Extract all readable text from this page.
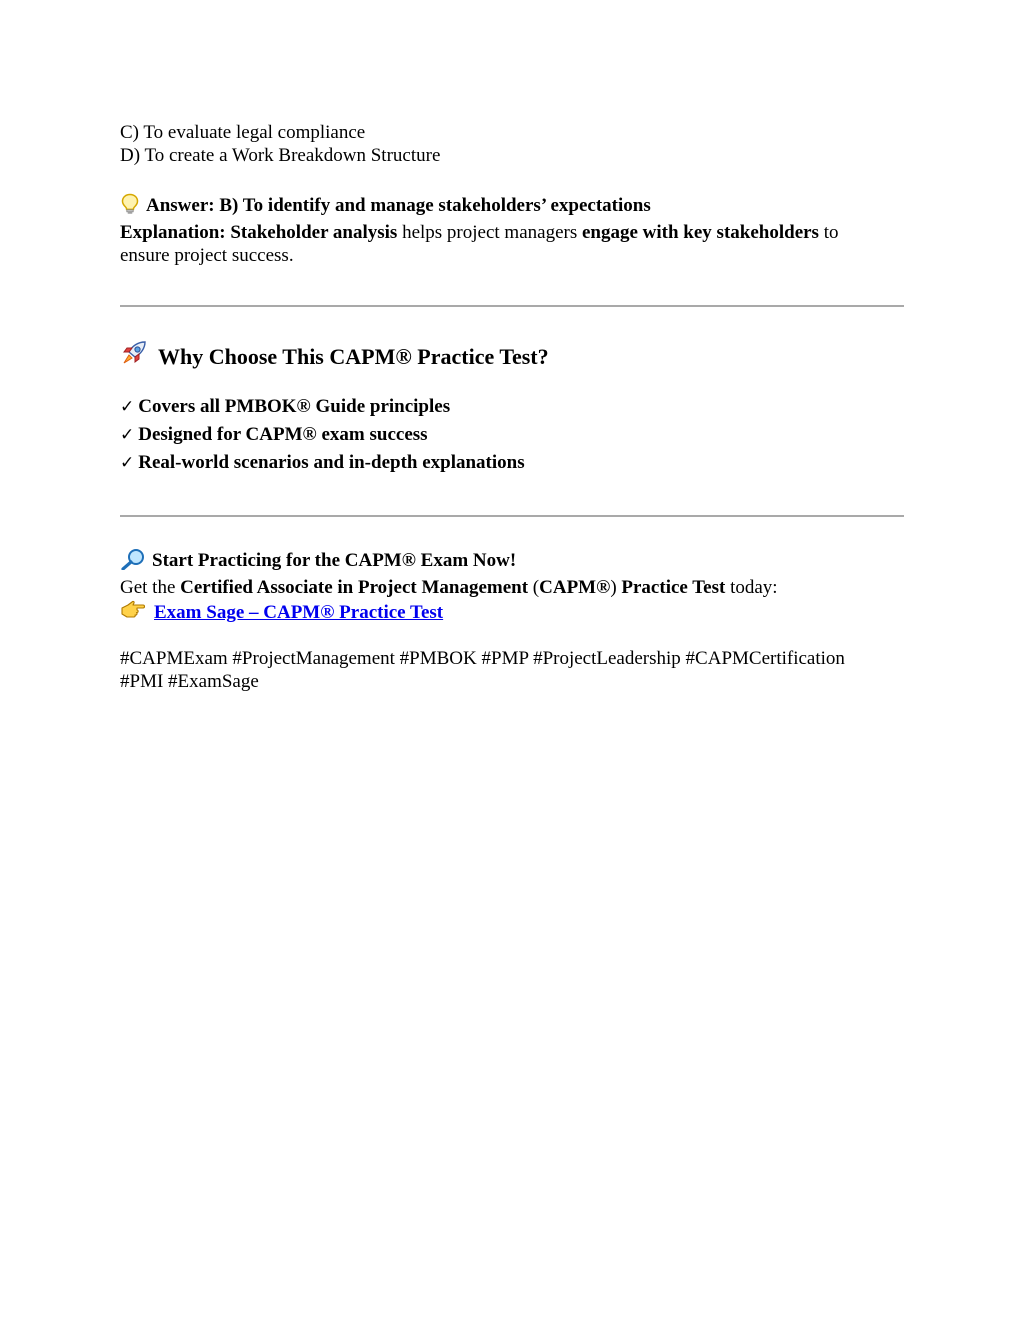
C) To evaluate legal compliance
D) To create a Work Breakdown Structure
Answer: B) To identify and manage stakeholders’ expectations
Explanation: Stakeholder analysis helps project managers engage with key stakeholders to
ensure project success.
Why Choose This CAPM® Practice Test?
✓ Covers all PMBOK® Guide principles
✓ Designed for CAPM® exam success
✓ Real-world scenarios and in-depth explanations
Start Practicing for the CAPM® Exam Now!
Get the Certified Associate in Project Management (CAPM®) Practice Test today:
Exam Sage – CAPM® Practice Test
#CAPMExam #ProjectManagement #PMBOK #PMP #ProjectLeadership #CAPMCertification
#PMI #ExamSage
